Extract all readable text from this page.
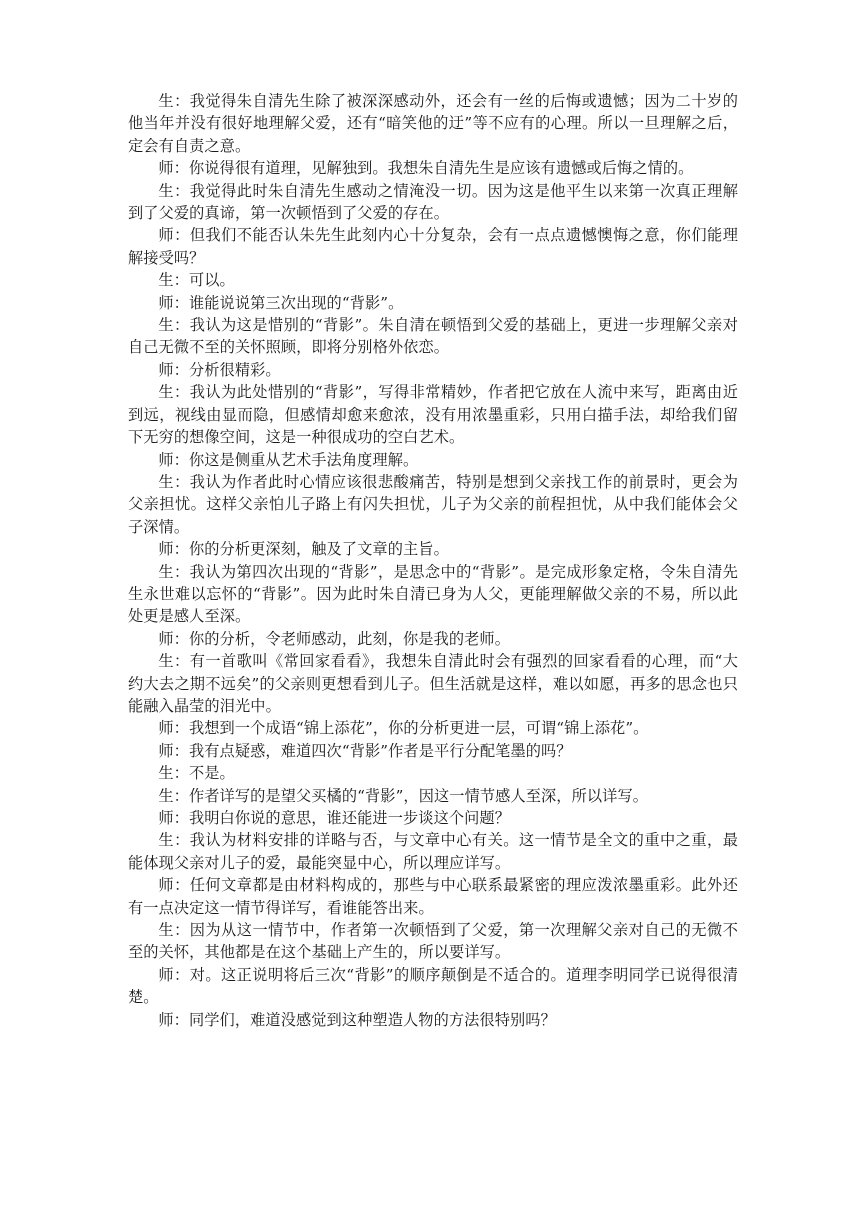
生：我觉得朱自清先生除了被深深感动外，还会有一丝的后悔或遗憾；因为二十岁的他当年并没有很好地理解父爱，还有“暗笑他的迂”等不应有的心理。所以一旦理解之后，定会有自责之意。

师：你说得很有道理，见解独到。我想朱自清先生是应该有遗憾或后悔之情的。

生：我觉得此时朱自清先生感动之情淹没一切。因为这是他平生以来第一次真正理解到了父爱的真谛，第一次顿悟到了父爱的存在。

师：但我们不能否认朱先生此刻内心十分复杂，会有一点点遗憾懊悔之意，你们能理解接受吗？

生：可以。

师：谁能说说第三次出现的“背影”。

生：我认为这是惜别的“背影”。朱自清在顿悟到父爱的基础上，更进一步理解父亲对自己无微不至的关怀照顾，即将分别格外依恋。

师：分析很精彩。

生：我认为此处惜别的“背影”，写得非常精妙，作者把它放在人流中来写，距离由近到远，视线由显而隐，但感情却愈来愈浓，没有用浓墨重彩，只用白描手法，却给我们留下无穷的想像空间，这是一种很成功的空白艺术。

师：你这是侧重从艺术手法角度理解。

生：我认为作者此时心情应该很悲酸痛苦，特别是想到父亲找工作的前景时，更会为父亲担忧。这样父亲怕儿子路上有闪失担忧，儿子为父亲的前程担忧，从中我们能体会父子深情。

师：你的分析更深刻，触及了文章的主旨。

生：我认为第四次出现的“背影”，是思念中的“背影”。是完成形象定格，令朱自清先生永世难以忘怀的“背影”。因为此时朱自清已身为人父，更能理解做父亲的不易，所以此处更是感人至深。

师：你的分析，令老师感动，此刻，你是我的老师。

生：有一首歌叫《常回家看看》，我想朱自清此时会有强烈的回家看看的心理，而“大约大去之期不远矣”的父亲则更想看到儿子。但生活就是这样，难以如愿，再多的思念也只能融入晶莹的泪光中。

师：我想到一个成语“锦上添花”，你的分析更进一层，可谓“锦上添花”。

师：我有点疑惑，难道四次“背影”作者是平行分配笔墨的吗？

生：不是。

生：作者详写的是望父买橘的“背影”，因这一情节感人至深，所以详写。

师：我明白你说的意思，谁还能进一步谈这个问题？

生：我认为材料安排的详略与否，与文章中心有关。这一情节是全文的重中之重，最能体现父亲对儿子的爱，最能突显中心，所以理应详写。

师：任何文章都是由材料构成的，那些与中心联系最紧密的理应泼浓墨重彩。此外还有一点决定这一情节得详写，看谁能答出来。

生：因为从这一情节中，作者第一次顿悟到了父爱，第一次理解父亲对自己的无微不至的关怀，其他都是在这个基础上产生的，所以要详写。

师：对。这正说明将后三次“背影”的顺序颠倒是不适合的。道理李明同学已说得很清楚。

师：同学们，难道没感觉到这种塑造人物的方法很特别吗？
